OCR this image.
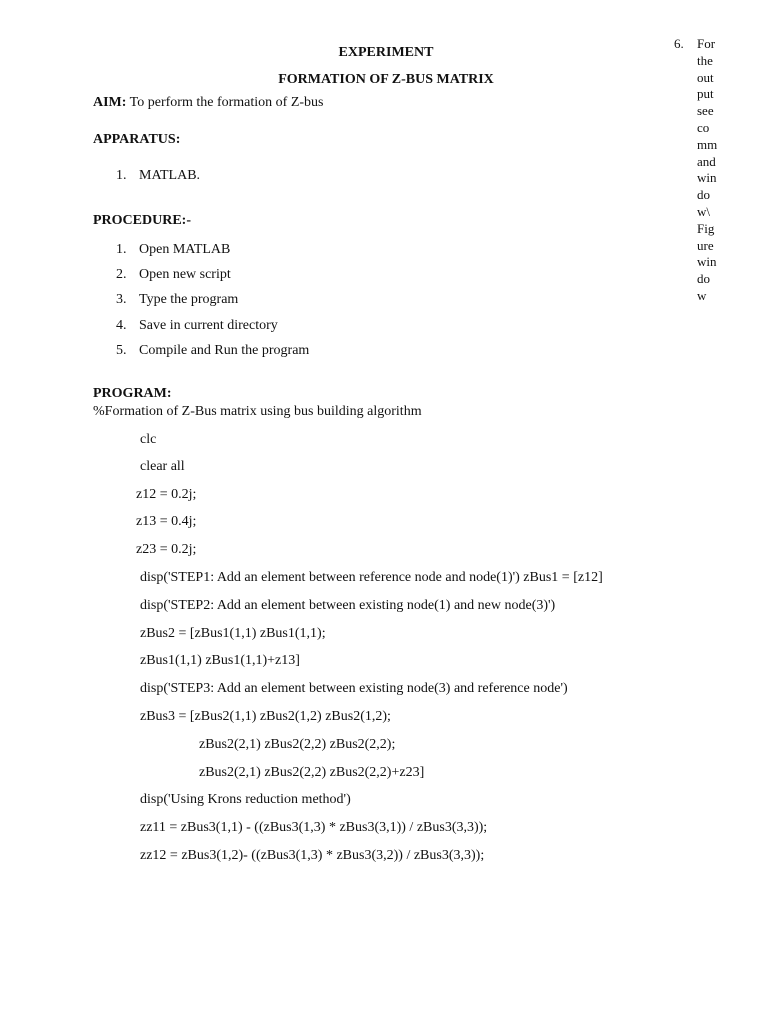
EXPERIMENT
FORMATION OF Z-BUS MATRIX
AIM: To perform the formation of Z-bus
APPARATUS:
1. MATLAB.
PROCEDURE:-
1. Open MATLAB
2. Open new script
3. Type the program
4. Save in current directory
5. Compile and Run the program
6. For
the
out
put
see
co
mm
and
win
do
w\
Fig
ure
win
do
w
PROGRAM:
%Formation of Z-Bus matrix using bus building algorithm
clc
clear all
z12 = 0.2j;
z13 = 0.4j;
z23 = 0.2j;
disp('STEP1: Add an element between reference node and node(1)') zBus1 = [z12]
disp('STEP2: Add an element between existing node(1) and new node(3)')
zBus2 = [zBus1(1,1) zBus1(1,1);
zBus1(1,1) zBus1(1,1)+z13]
disp('STEP3: Add an element between existing node(3) and reference node')
zBus3 = [zBus2(1,1) zBus2(1,2) zBus2(1,2);
zBus2(2,1) zBus2(2,2) zBus2(2,2);
zBus2(2,1) zBus2(2,2) zBus2(2,2)+z23]
disp('Using Krons reduction method')
zz11 = zBus3(1,1) - ((zBus3(1,3) * zBus3(3,1)) / zBus3(3,3));
zz12 = zBus3(1,2)- ((zBus3(1,3) * zBus3(3,2)) / zBus3(3,3));
